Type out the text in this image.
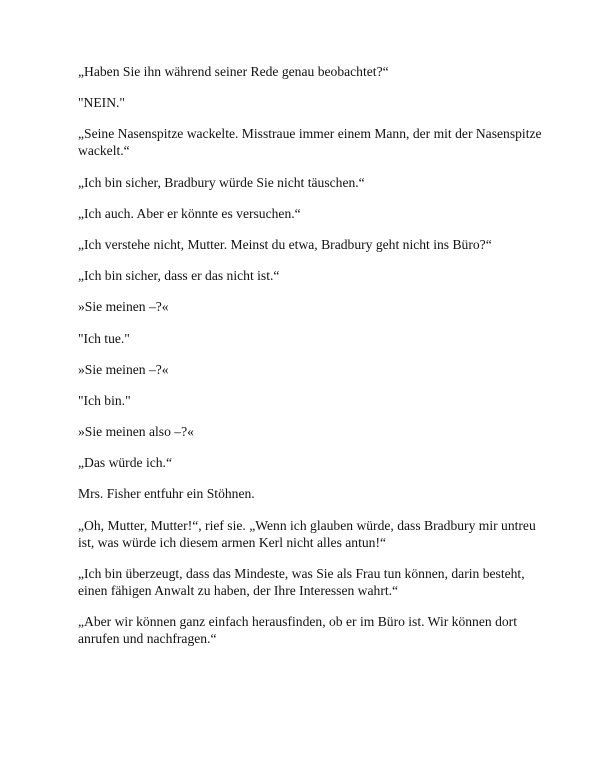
„Haben Sie ihn während seiner Rede genau beobachtet?“

"NEIN."

„Seine Nasenspitze wackelte. Misstraue immer einem Mann, der mit der Nasenspitze wackelt.“

„Ich bin sicher, Bradbury würde Sie nicht täuschen.“

„Ich auch. Aber er könnte es versuchen.“

„Ich verstehe nicht, Mutter. Meinst du etwa, Bradbury geht nicht ins Büro?“

„Ich bin sicher, dass er das nicht ist.“

»Sie meinen –?«

"Ich tue."

»Sie meinen –?«

"Ich bin."

»Sie meinen also –?«

„Das würde ich.“

Mrs. Fisher entfuhr ein Stöhnen.

„Oh, Mutter, Mutter!“, rief sie. „Wenn ich glauben würde, dass Bradbury mir untreu ist, was würde ich diesem armen Kerl nicht alles antun!“

„Ich bin überzeugt, dass das Mindeste, was Sie als Frau tun können, darin besteht, einen fähigen Anwalt zu haben, der Ihre Interessen wahrt.“

„Aber wir können ganz einfach herausfinden, ob er im Büro ist. Wir können dort anrufen und nachfragen.“
